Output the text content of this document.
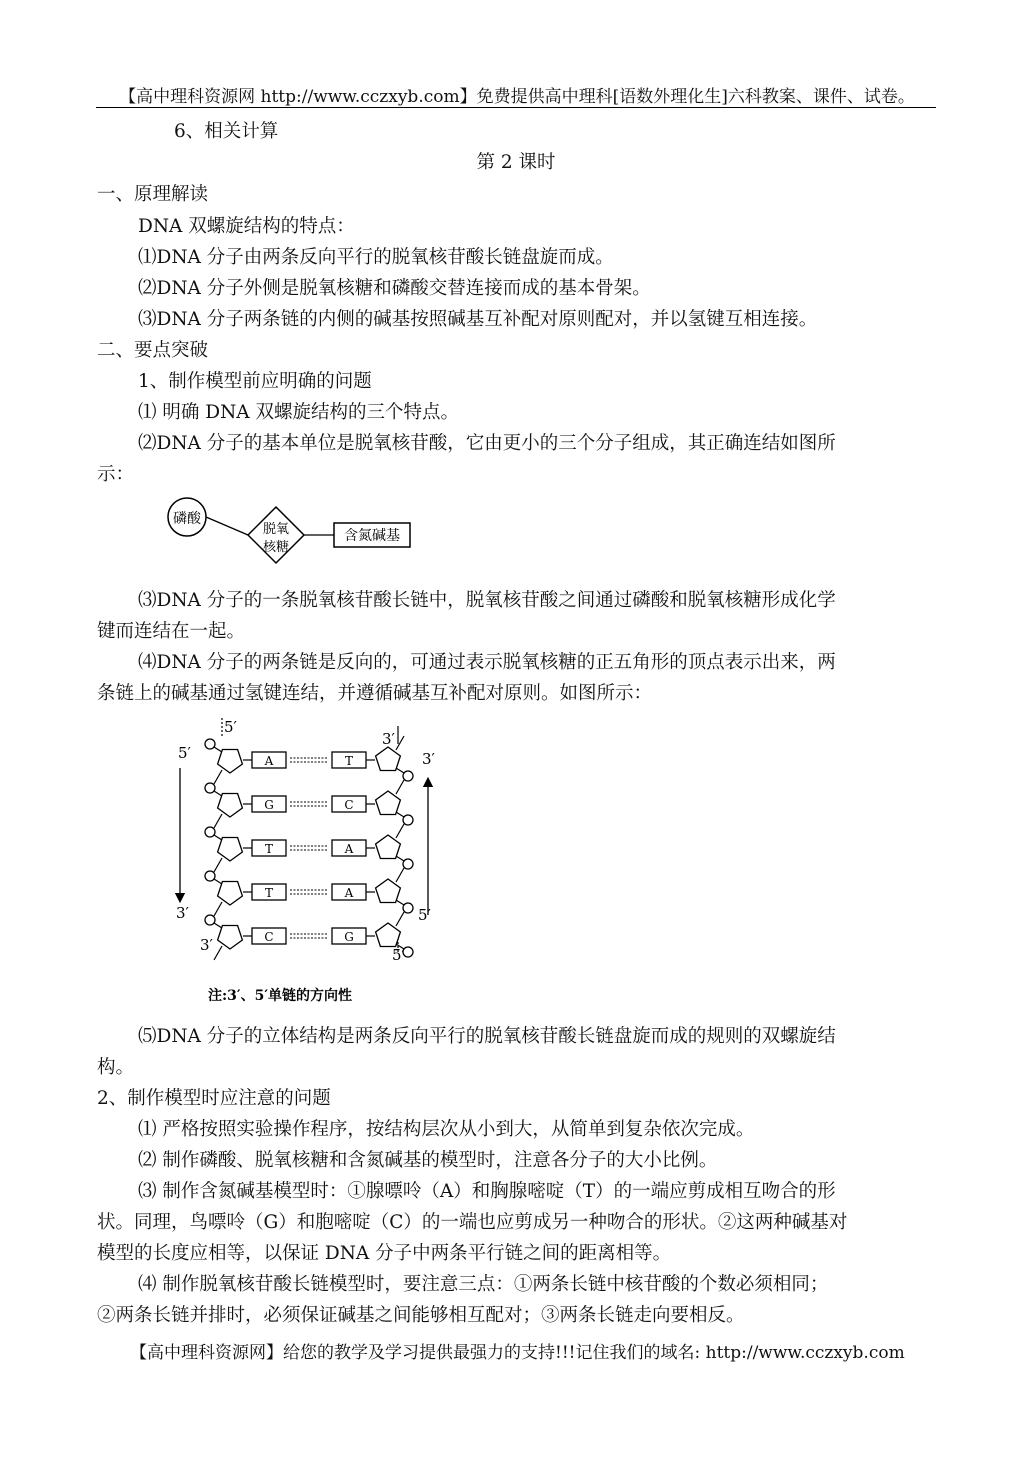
【高中理科资源网 http://www.cczxyb.com】免费提供高中理科[语数外理化生]六科教案、课件、试卷。
6、相关计算
第 2 课时
一、原理解读
DNA 双螺旋结构的特点：
⑴DNA 分子由两条反向平行的脱氧核苷酸长链盘旋而成。
⑵DNA 分子外侧是脱氧核糖和磷酸交替连接而成的基本骨架。
⑶DNA 分子两条链的内侧的碱基按照碱基互补配对原则配对，并以氢键互相连接。
二、要点突破
1、制作模型前应明确的问题
⑴ 明确 DNA 双螺旋结构的三个特点。
⑵DNA 分子的基本单位是脱氧核苷酸，它由更小的三个分子组成，其正确连结如图所
示：
磷酸
脱氧
核糖
含氮碱基
⑶DNA 分子的一条脱氧核苷酸长链中，脱氧核苷酸之间通过磷酸和脱氧核糖形成化学
键而连结在一起。
⑷DNA 分子的两条链是反向的，可通过表示脱氧核糖的正五角形的顶点表示出来，两
条链上的碱基通过氢键连结，并遵循碱基互补配对原则。如图所示：
A	T
G	C
T	A
T	A
C	G
5′
5′
3′
3′
3′
3′
5′
5′
注:3′、5′单链的方向性
⑸DNA 分子的立体结构是两条反向平行的脱氧核苷酸长链盘旋而成的规则的双螺旋结
构。
2、制作模型时应注意的问题
⑴ 严格按照实验操作程序，按结构层次从小到大，从简单到复杂依次完成。
⑵ 制作磷酸、脱氧核糖和含氮碱基的模型时，注意各分子的大小比例。
⑶ 制作含氮碱基模型时：①腺嘌呤（A）和胸腺嘧啶（T）的一端应剪成相互吻合的形
状。同理，鸟嘌呤（G）和胞嘧啶（C）的一端也应剪成另一种吻合的形状。②这两种碱基对
模型的长度应相等，以保证 DNA 分子中两条平行链之间的距离相等。
⑷ 制作脱氧核苷酸长链模型时，要注意三点：①两条长链中核苷酸的个数必须相同；
②两条长链并排时，必须保证碱基之间能够相互配对；③两条长链走向要相反。
【高中理科资源网】给您的教学及学习提供最强力的支持!!!记住我们的域名: http://www.cczxyb.com
